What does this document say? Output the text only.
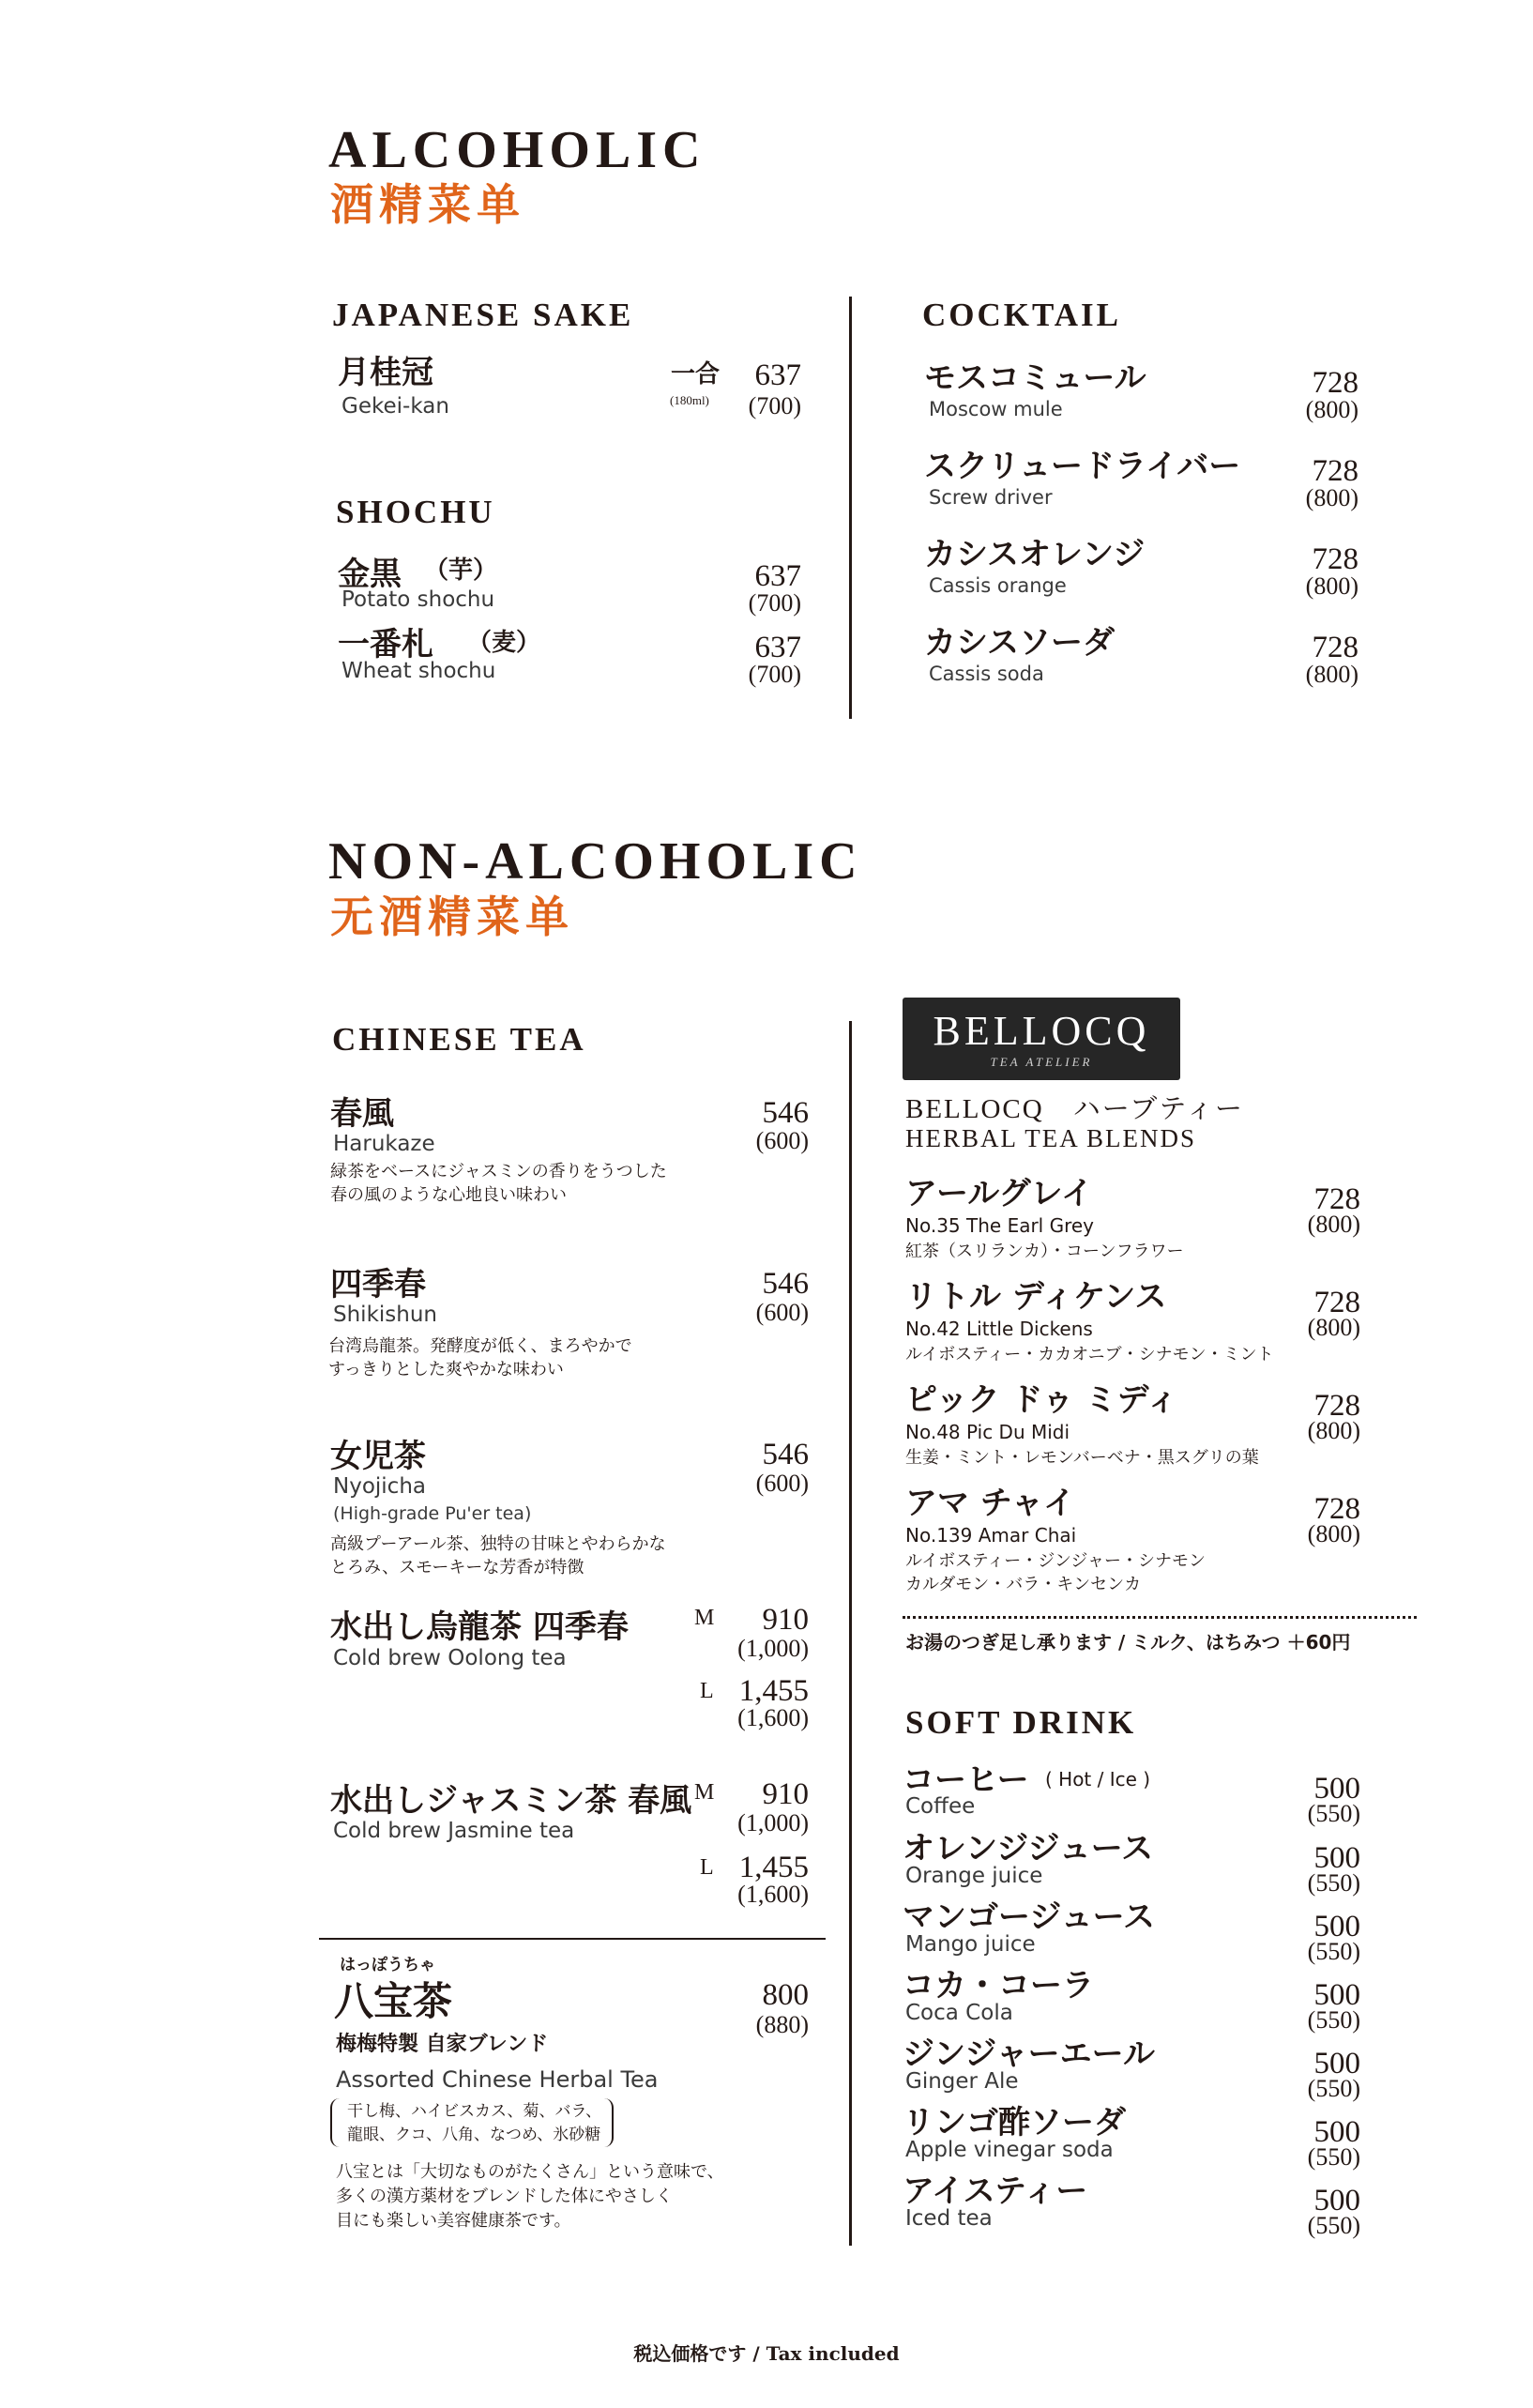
ALCOHOLIC
酒精菜单
JAPANESE SAKE
月桂冠
Gekei-kan
一合
(180ml)
637
(700)
SHOCHU
金黒 （芋）
Potato shochu
637
(700)
一番札 （麦）
Wheat shochu
637
(700)
COCKTAIL
モスコミュール
Moscow mule
728
(800)
スクリュードライバー
Screw driver
728
(800)
カシスオレンジ
Cassis orange
728
(800)
カシスソーダ
Cassis soda
728
(800)
NON-ALCOHOLIC
无酒精菜单
CHINESE TEA
春風
Harukaze
緑茶をベースにジャスミンの香りをうつした
春の風のような心地良い味わい
546
(600)
四季春
Shikishun
台湾烏龍茶。発酵度が低く、まろやかで
すっきりとした爽やかな味わい
546
(600)
女児茶
Nyojicha
(High-grade Pu'er tea)
高級プーアール茶、独特の甘味とやわらかな
とろみ、スモーキーな芳香が特徴
546
(600)
水出し烏龍茶 四季春
Cold brew Oolong tea
M	910
(1,000)
L 1,455
(1,600)
水出しジャスミン茶 春風
Cold brew Jasmine tea
M	910
(1,000)
L 1,455
(1,600)
はっぽうちゃ
八宝茶
梅梅特製 自家ブレンド
Assorted Chinese Herbal Tea
干し梅、ハイビスカス、菊、バラ、
龍眼、クコ、八角、なつめ、氷砂糖
八宝とは「大切なものがたくさん」という意味で、
多くの漢方薬材をブレンドした体にやさしく
目にも楽しい美容健康茶です。
800
(880)
BELLOCQ
TEA ATELIER
BELLOCQ　ハーブティー
HERBAL TEA BLENDS
アールグレイ
No.35 The Earl Grey
紅茶（スリランカ）・コーンフラワー
728
(800)
リトル ディケンス
No.42 Little Dickens
ルイボスティー・カカオニブ・シナモン・ミント
728
(800)
ピック ドゥ ミディ
No.48 Pic Du Midi
生姜・ミント・レモンバーベナ・黒スグリの葉
728
(800)
アマ チャイ
No.139 Amar Chai
ルイボスティー・ジンジャー・シナモン
カルダモン・バラ・キンセンカ
728
(800)
お湯のつぎ足し承ります / ミルク、はちみつ ＋60円
SOFT DRINK
コーヒー ( Hot / Ice )
Coffee
500
(550)
オレンジジュース
Orange juice
500
(550)
マンゴージュース
Mango juice
500
(550)
コカ・コーラ
Coca Cola
500
(550)
ジンジャーエール
Ginger Ale
500
(550)
リンゴ酢ソーダ
Apple vinegar soda
500
(550)
アイスティー
Iced tea
500
(550)
税込価格です / Tax included
